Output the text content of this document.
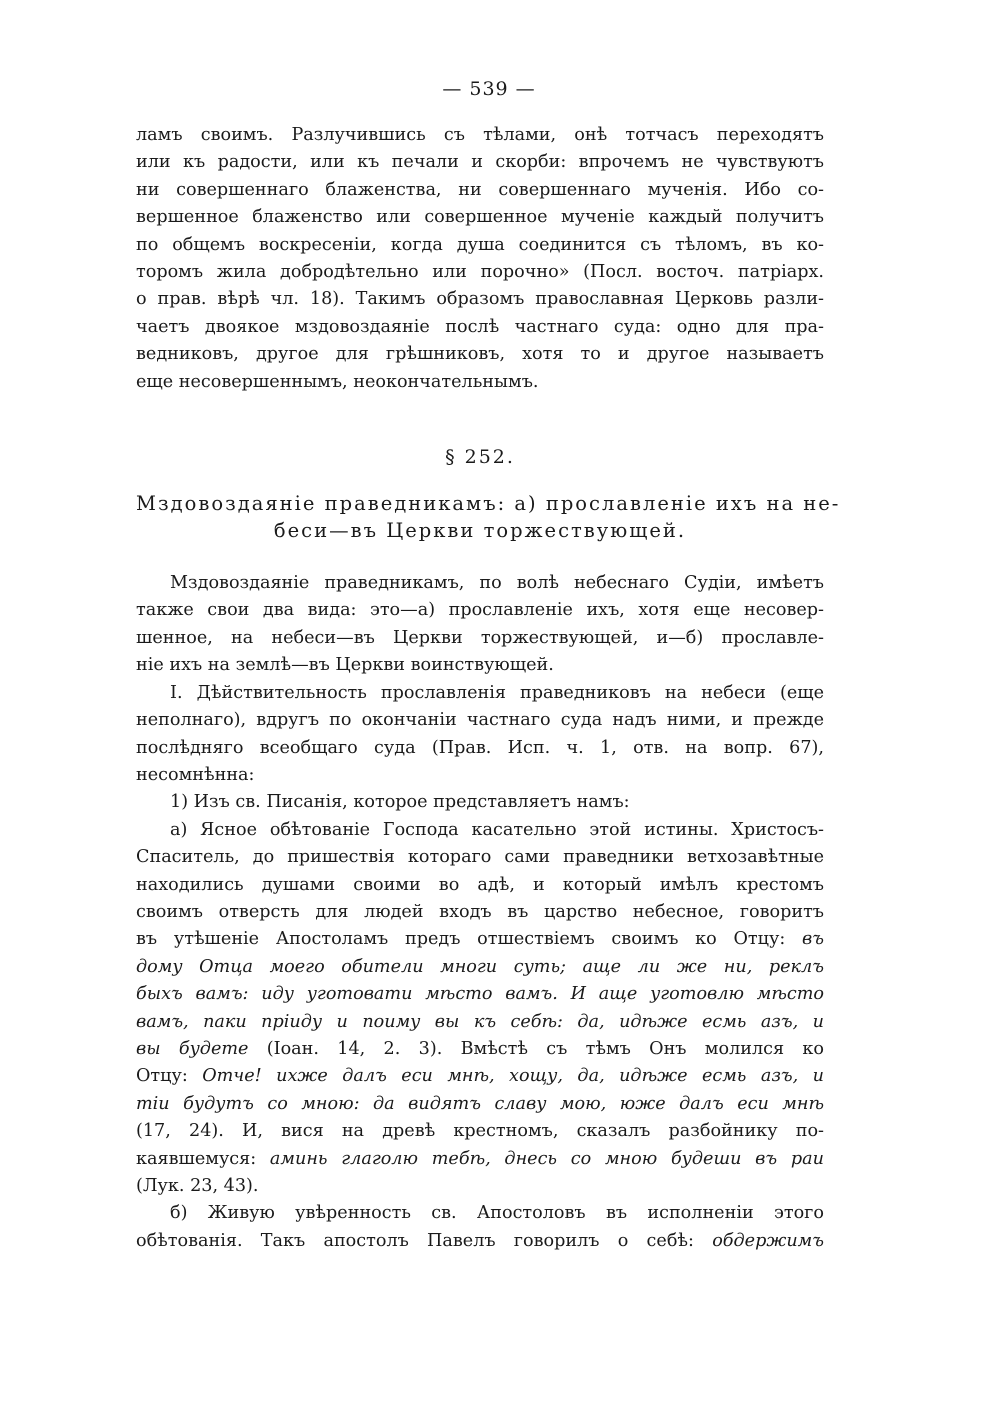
— 539 —
ламъ своимъ. Разлучившись съ тѣлами, онѣ тотчасъ переходятъ
или къ радости, или къ печали и скорби: впрочемъ не чувствуютъ
ни совершеннаго блаженства, ни совершеннаго мученія. Ибо со-
вершенное блаженство или совершенное мученіе каждый получитъ
по общемъ воскресеніи, когда душа соединится съ тѣломъ, въ ко-
торомъ жила добродѣтельно или порочно» (Посл. восточ. патріарх.
о прав. вѣрѣ чл. 18). Такимъ образомъ православная Церковь разли-
чаетъ двоякое мздовоздаяніе послѣ частнаго суда: одно для пра-
ведниковъ, другое для грѣшниковъ, хотя то и другое называетъ
еще несовершеннымъ, неокончательнымъ.
§ 252.
Мздовоздаяніе праведникамъ: а) прославленіе ихъ на не-
беси—въ Церкви торжествующей.
Мздовоздаяніе праведникамъ, по волѣ небеснаго Судіи, имѣетъ
также свои два вида: это—а) прославленіе ихъ, хотя еще несовер-
шенное, на небеси—въ Церкви торжествующей, и—б) прославле-
ніе ихъ на землѣ—въ Церкви воинствующей.
I. Дѣйствительность прославленія праведниковъ на небеси (еще
неполнаго), вдругъ по окончаніи частнаго суда надъ ними, и прежде
послѣдняго всеобщаго суда (Прав. Исп. ч. 1, отв. на вопр. 67),
несомнѣнна:
1) Изъ св. Писанія, которое представляетъ намъ:
а) Ясное обѣтованіе Господа касательно этой истины. Христосъ-
Спаситель, до пришествія котораго сами праведники ветхозавѣтные
находились душами своими во адѣ, и который имѣлъ крестомъ
своимъ отверсть для людей входъ въ царство небесное, говоритъ
въ утѣшеніе Апостоламъ предъ отшествіемъ своимъ ко Отцу: въ
дому Отца моего обители многи суть; аще ли же ни, реклъ
быхъ вамъ: иду уготовати мѣсто вамъ. И аще уготовлю мѣсто
вамъ, паки пріиду и поиму вы къ себѣ: да, идѣже есмь азъ, и
вы будете (Іоан. 14, 2. 3). Вмѣстѣ съ тѣмъ Онъ молился ко
Отцу: Отче! ихже далъ еси мнѣ, хощу, да, идѣже есмь азъ, и
тіи будутъ со мною: да видятъ славу мою, юже далъ еси мнѣ
(17, 24). И, вися на древѣ крестномъ, сказалъ разбойнику по-
каявшемуся: аминь глаголю тебѣ, днесь со мною будеши въ раи
(Лук. 23, 43).
б) Живую увѣренность св. Апостоловъ въ исполненіи этого
обѣтованія. Такъ апостолъ Павелъ говорилъ о себѣ: обдержимъ
